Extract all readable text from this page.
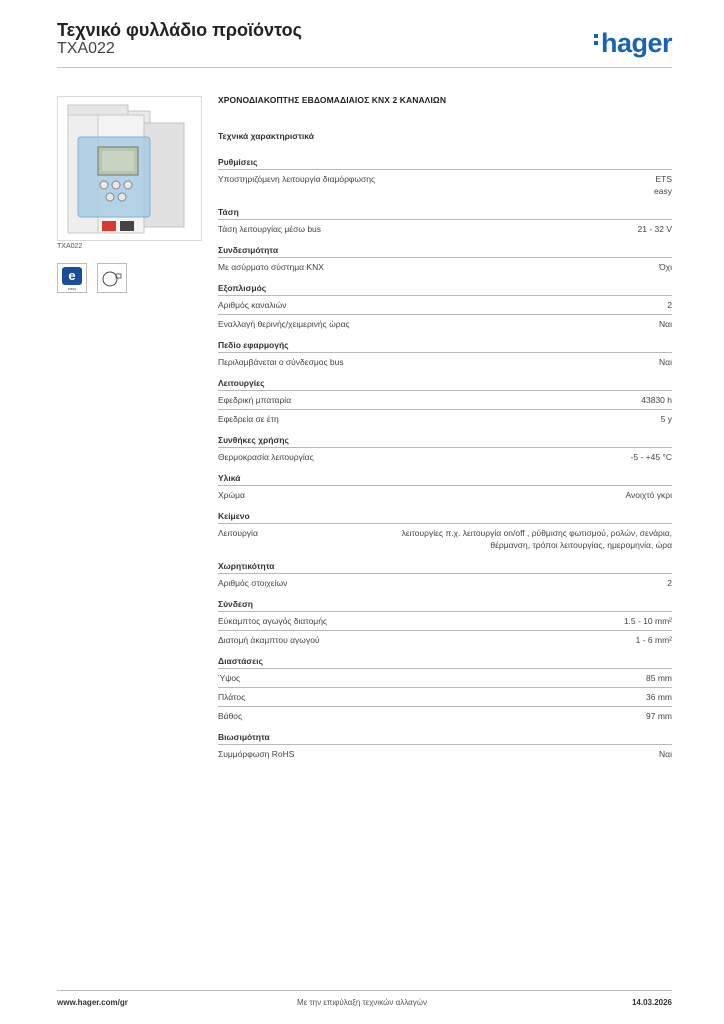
Τεχνικό φυλλάδιο προϊόντος
TXA022	hager
TXA022
e
easy
ΧΡΟΝΟΔΙΑΚΟΠΤΗΣ ΕΒΔΟΜΑΔΙΑΙΟΣ KNX 2 ΚΑΝΑΛΙΩΝ
Τεχνικά χαρακτηριστικά
Ρυθμίσεις
Υποστηριζόμενη λειτουργία διαμόρφωσης	ETS
easy
Τάση
Τάση λειτουργίας μέσω bus	21 - 32 V
Συνδεσιμότητα
Με ασύρματο σύστημα KNX	Όχι
Εξοπλισμός
Αριθμός καναλιών	2
Εναλλαγή θερινής/χειμερινής ώρας	Ναι
Πεδίο εφαρμογής
Περιλαμβάνεται ο σύνδεσμος bus	Ναι
Λειτουργίες
Εφεδρική μπαταρία	43830 h
Εφεδρεία σε έτη	5 y
Συνθήκες χρήσης
Θερμοκρασία λειτουργίας	-5 - +45 °C
Υλικά
Χρώμα	Ανοιχτό γκρι
Κείμενο
Λειτουργία	λειτουργίες π.χ. λειτουργία on/off , ρύθμισης φωτισμού, ρολών, σενάρια, θέρμανση, τρόποι λειτουργίας, ημερομηνία, ώρα
Χωρητικότητα
Αριθμός στοιχείων	2
Σύνδεση
Εύκαμπτος αγωγός διατομής	1.5 - 10 mm²
Διατομή άκαμπτου αγωγού	1 - 6 mm²
Διαστάσεις
Ύψος	85 mm
Πλάτος	36 mm
Βάθος	97 mm
Βιωσιμότητα
Συμμόρφωση RoHS	Ναι
www.hager.com/gr	Με την επιφύλαξη τεχνικών αλλαγών	14.03.2026
